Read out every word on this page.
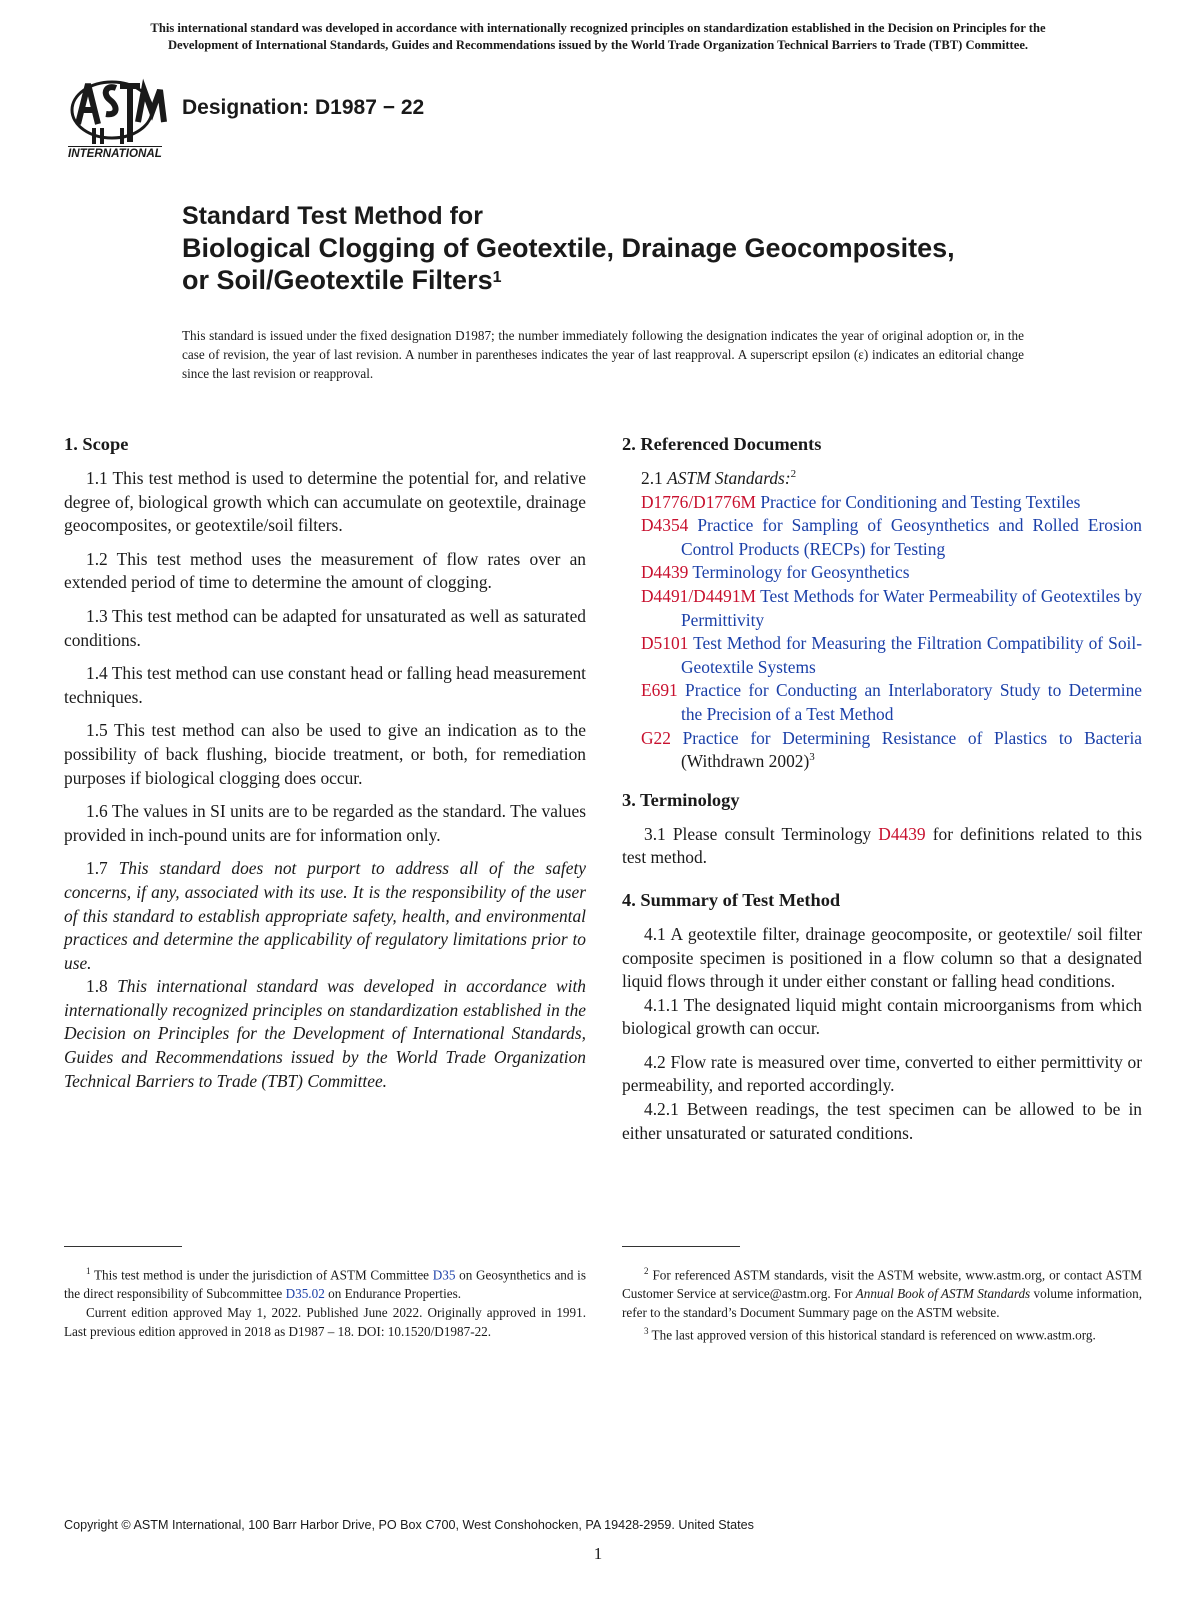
This international standard was developed in accordance with internationally recognized principles on standardization established in the Decision on Principles for the
Development of International Standards, Guides and Recommendations issued by the World Trade Organization Technical Barriers to Trade (TBT) Committee.
INTERNATIONAL
Designation: D1987 − 22
Standard Test Method for
Biological Clogging of Geotextile, Drainage Geocomposites,
or Soil/Geotextile Filters$^1$
This standard is issued under the fixed designation D1987; the number immediately following the designation indicates the year of original adoption or, in the case of revision, the year of last revision. A number in parentheses indicates the year of last reapproval. A superscript epsilon (ε) indicates an editorial change since the last revision or reapproval.
1. Scope

1.1 This test method is used to determine the potential for, and relative degree of, biological growth which can accumulate on geotextile, drainage geocomposites, or geotextile/soil filters.

1.2 This test method uses the measurement of flow rates over an extended period of time to determine the amount of clogging.

1.3 This test method can be adapted for unsaturated as well as saturated conditions.

1.4 This test method can use constant head or falling head measurement techniques.

1.5 This test method can also be used to give an indication as to the possibility of back flushing, biocide treatment, or both, for remediation purposes if biological clogging does occur.

1.6 The values in SI units are to be regarded as the standard. The values provided in inch-pound units are for information only.

1.7 This standard does not purport to address all of the safety concerns, if any, associated with its use. It is the responsibility of the user of this standard to establish appropriate safety, health, and environmental practices and determine the applicability of regulatory limitations prior to use.

1.8 This international standard was developed in accordance with internationally recognized principles on standardization established in the Decision on Principles for the Development of International Standards, Guides and Recommendations issued by the World Trade Organization Technical Barriers to Trade (TBT) Committee.

2. Referenced Documents
2.1 ASTM Standards:$^2$
D1776/D1776M Practice for Conditioning and Testing Textiles
D4354 Practice for Sampling of Geosynthetics and Rolled Erosion Control Products (RECPs) for Testing
D4439 Terminology for Geosynthetics
D4491/D4491M Test Methods for Water Permeability of Geotextiles by Permittivity
D5101 Test Method for Measuring the Filtration Compatibility of Soil-Geotextile Systems
E691 Practice for Conducting an Interlaboratory Study to Determine the Precision of a Test Method
G22 Practice for Determining Resistance of Plastics to Bacteria (Withdrawn 2002)$^3$
3. Terminology

3.1 Please consult Terminology D4439 for definitions related to this test method.

4. Summary of Test Method

4.1 A geotextile filter, drainage geocomposite, or geotextile/ soil filter composite specimen is positioned in a flow column so that a designated liquid flows through it under either constant or falling head conditions.

4.1.1 The designated liquid might contain microorganisms from which biological growth can occur.

4.2 Flow rate is measured over time, converted to either permittivity or permeability, and reported accordingly.

4.2.1 Between readings, the test specimen can be allowed to be in either unsaturated or saturated conditions.

$^1$ This test method is under the jurisdiction of ASTM Committee D35 on Geosynthetics and is the direct responsibility of Subcommittee D35.02 on Endurance Properties.

Current edition approved May 1, 2022. Published June 2022. Originally approved in 1991. Last previous edition approved in 2018 as D1987 – 18. DOI: 10.1520/D1987-22.

$^2$ For referenced ASTM standards, visit the ASTM website, www.astm.org, or contact ASTM Customer Service at service@astm.org. For Annual Book of ASTM Standards volume information, refer to the standard’s Document Summary page on the ASTM website.

$^3$ The last approved version of this historical standard is referenced on www.astm.org.

Copyright © ASTM International, 100 Barr Harbor Drive, PO Box C700, West Conshohocken, PA 19428-2959. United States
1
